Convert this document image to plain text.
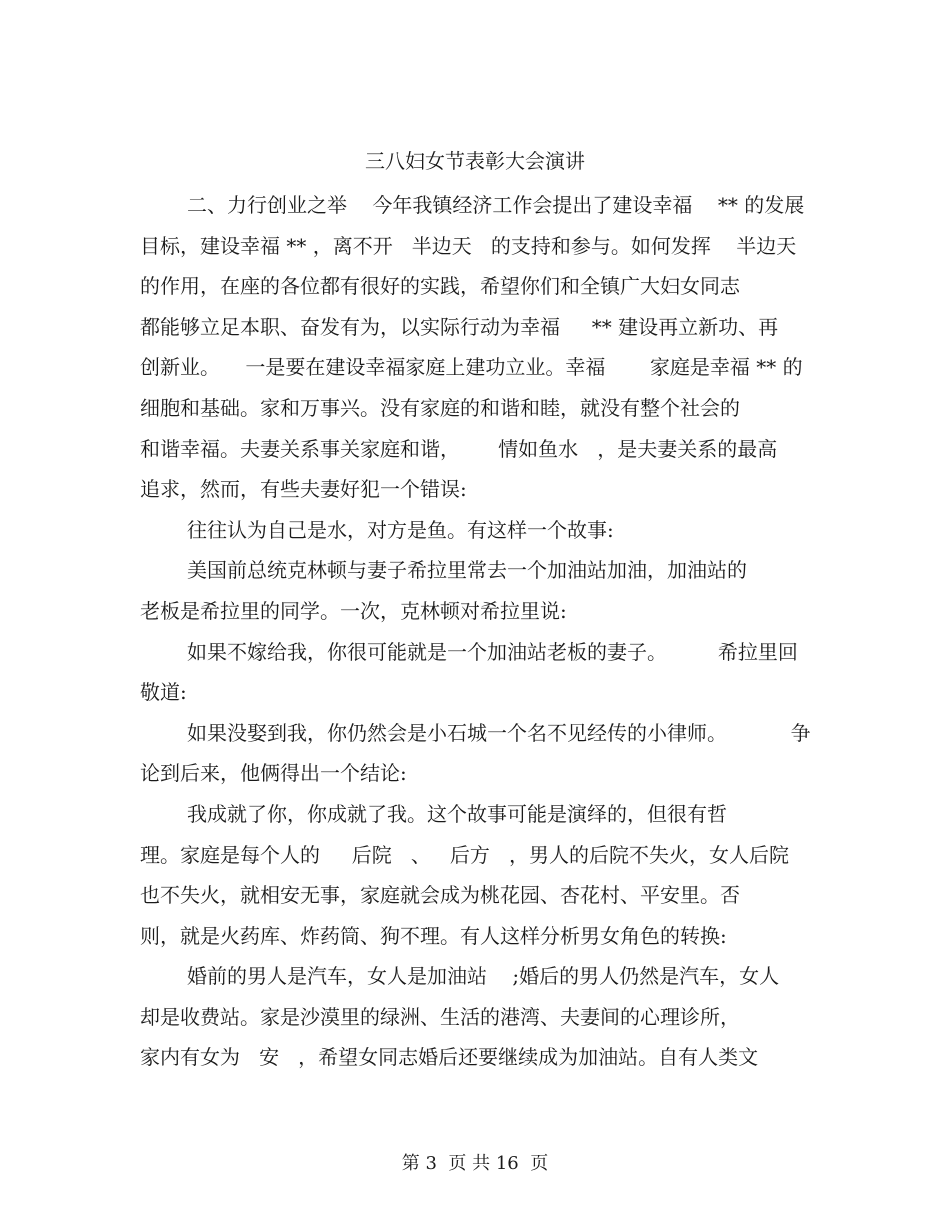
三八妇女节表彰大会演讲
二、力行创业之举    今年我镇经济工作会提出了建设幸福    ** 的发展
目标，建设幸福 ** ，离不开   半边天   的支持和参与。如何发挥    半边天
的作用，在座的各位都有很好的实践，希望你们和全镇广大妇女同志
都能够立足本职、奋发有为，以实际行动为幸福     ** 建设再立新功、再
创新业。    一是要在建设幸福家庭上建功立业。幸福       家庭是幸福 ** 的
细胞和基础。家和万事兴。没有家庭的和谐和睦，就没有整个社会的
和谐幸福。夫妻关系事关家庭和谐，      情如鱼水   ，是夫妻关系的最高
追求，然而，有些夫妻好犯一个错误:
往往认为自己是水，对方是鱼。有这样一个故事:
美国前总统克林顿与妻子希拉里常去一个加油站加油，加油站的
老板是希拉里的同学。一次，克林顿对希拉里说:
如果不嫁给我，你很可能就是一个加油站老板的妻子。        希拉里回
敬道:
如果没娶到我，你仍然会是小石城一个名不见经传的小律师。          争
论到后来，他俩得出一个结论:
我成就了你，你成就了我。这个故事可能是演绎的，但很有哲
理。家庭是每个人的     后院   、   后方   ，男人的后院不失火，女人后院
也不失火，就相安无事，家庭就会成为桃花园、杏花村、平安里。否
则，就是火药库、炸药筒、狗不理。有人这样分析男女角色的转换:
婚前的男人是汽车，女人是加油站    ;婚后的男人仍然是汽车，女人
却是收费站。家是沙漠里的绿洲、生活的港湾、夫妻间的心理诊所，
家内有女为   安   ，希望女同志婚后还要继续成为加油站。自有人类文
第 3  页 共 16  页
